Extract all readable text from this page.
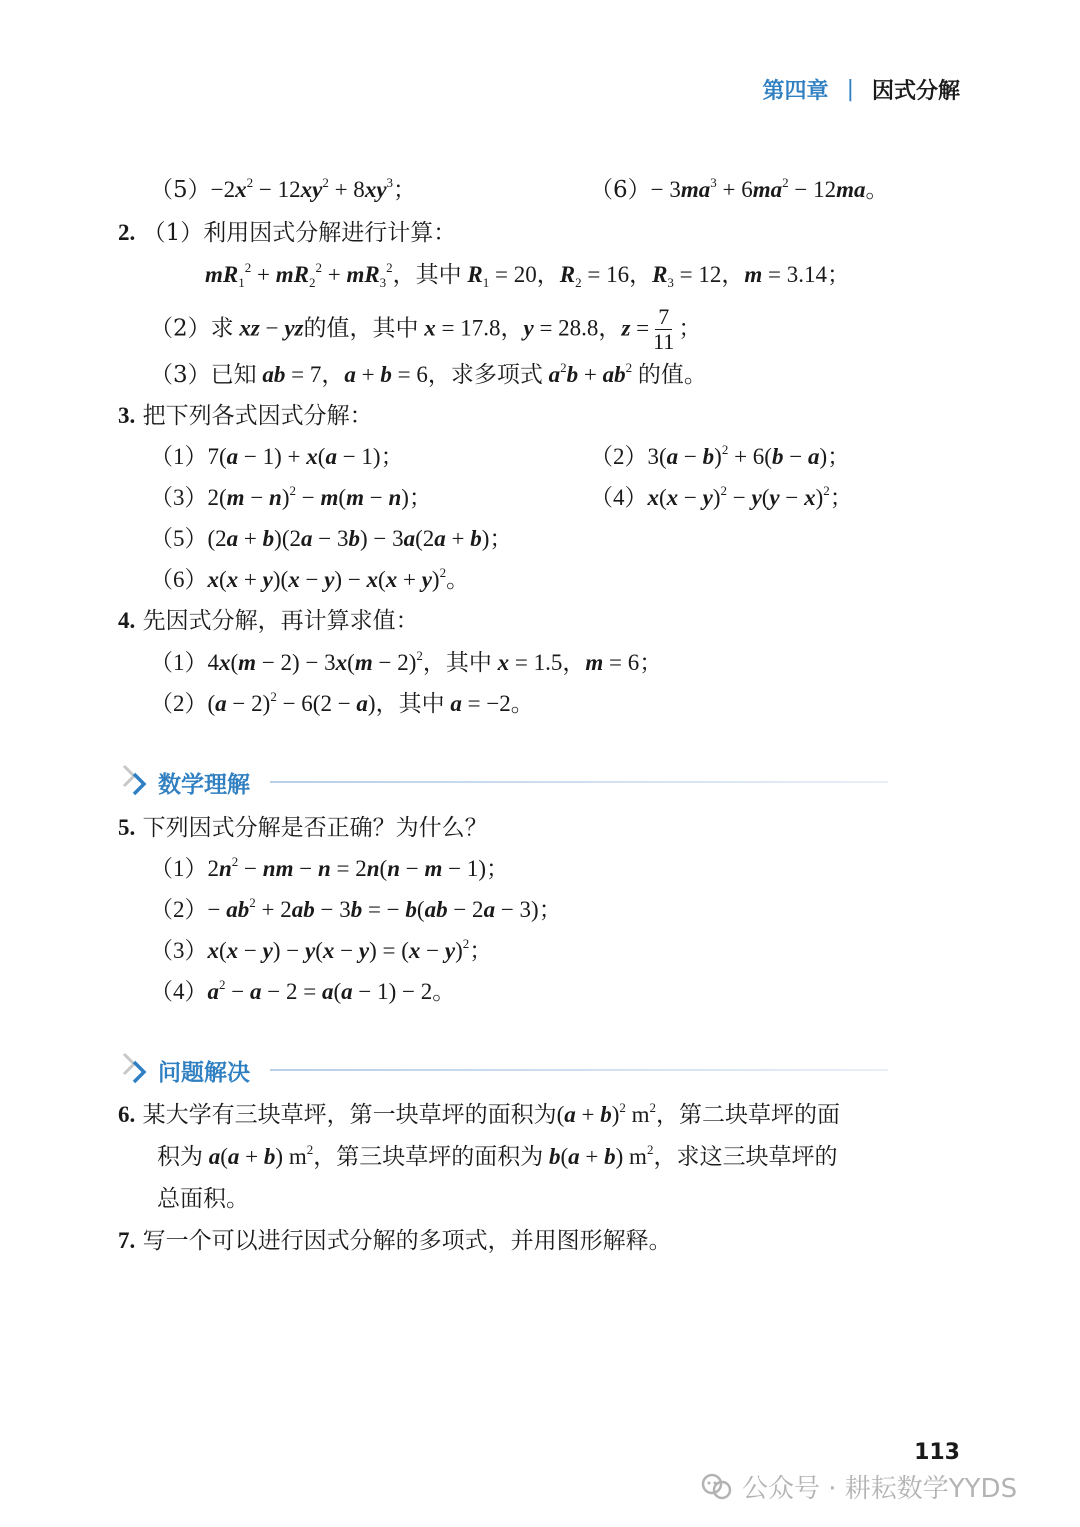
第四章 | 因式分解
$(5)-2x^2 - 12xy^2 + 8xy^3$；	$(6)- 3ma^3 + 6ma^2 - 12ma$。
2. （1）利用因式分解进行计算：
$mR_1^2 + mR_2^2 + mR_3^2$，其中 $R_1 = 20$，$R_2 = 16$，$R_3 = 12$，m = 3.14；
（2）求 xz − yz的值，其中 x = 17.8，y = 28.8，$z = \frac{7}{11}$ ；
（3）已知 ab = 7，a + b = 6，求多项式 $a^2b + ab^2$ 的值。
3. 把下列各式因式分解：
（1）7(a − 1) + x(a − 1)；	$(2)3(a - b)^2 + 6(b - a)$；
$(3)2(m - n)^2 - m(m - n)$；	$(4)x(x - y)^2 - y(y - x)^2$；
（5）(2a + b)(2a − 3b) − 3a(2a + b)；
$(6)x(x + y)(x - y) - x(x + y)^2$。
4. 先因式分解，再计算求值：
$(1)4x(m - 2) - 3x(m - 2)^2$，其中 x = 1.5，m = 6；
$(2)(a - 2)^2 - 6(2 - a)$，其中 a = −2。
数学理解
5. 下列因式分解是否正确？为什么？
$(1)2n^2$ − nm − n = 2n(n − m − 1)；
$(2)- ab^2 + 2ab - 3b$ = − b(ab − 2a − 3)；
$(3)x(x - y) - y(x - y) = (x - y)^2$；
$(4)a^2 - a - 2 = a(a - 1) - 2$。
问题解决
6. 某大学有三块草坪，第一块草坪的面积为$(a + b)^2$ $m^2$，第二块草坪的面
积为 a(a + b) $m^2$，第三块草坪的面积为 b(a + b) $m^2$，求这三块草坪的
总面积。
7. 写一个可以进行因式分解的多项式，并用图形解释。
113
公众号 · 耕耘数学YYDS
